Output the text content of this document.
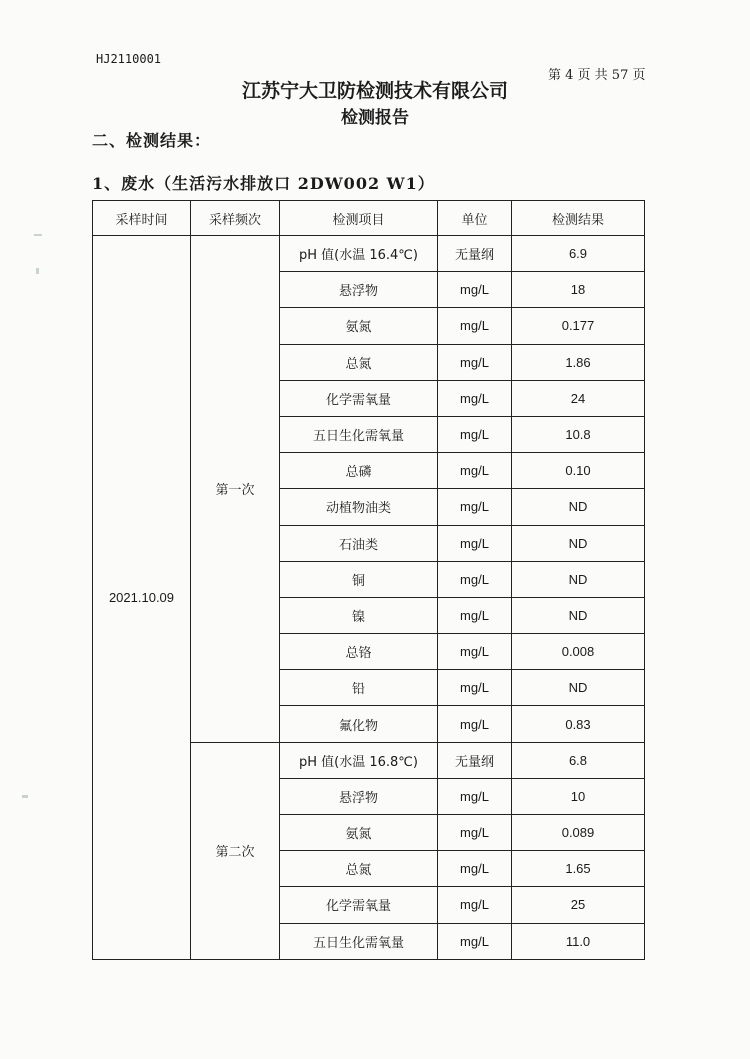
HJ2110001
第 4 页 共 57 页
江苏宁大卫防检测技术有限公司
检测报告
二、检测结果：
1、废水（生活污水排放口 2DW002 W1）
采样时间	采样频次	检测项目	单位	检测结果
2021.10.09	第一次	pH 值(水温 16.4℃)	无量纲	6.9
		悬浮物	mg/L	18
		氨氮	mg/L	0.177
		总氮	mg/L	1.86
		化学需氧量	mg/L	24
		五日生化需氧量	mg/L	10.8
		总磷	mg/L	0.10
		动植物油类	mg/L	ND
		石油类	mg/L	ND
		铜	mg/L	ND
		镍	mg/L	ND
		总铬	mg/L	0.008
		铅	mg/L	ND
		氟化物	mg/L	0.83
	第二次	pH 值(水温 16.8℃)	无量纲	6.8
		悬浮物	mg/L	10
		氨氮	mg/L	0.089
		总氮	mg/L	1.65
		化学需氧量	mg/L	25
		五日生化需氧量	mg/L	11.0
